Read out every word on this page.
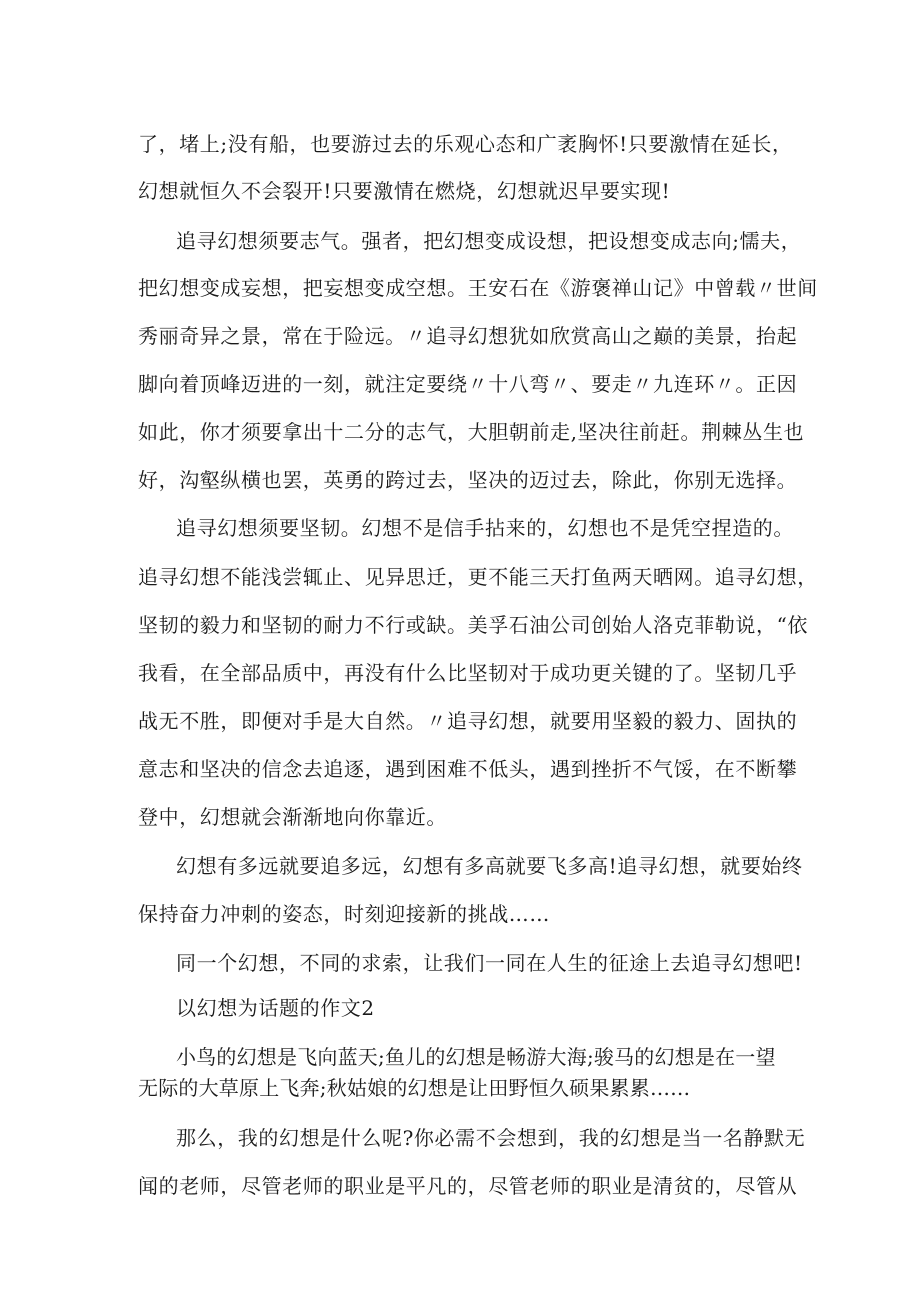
了，堵上;没有船，也要游过去的乐观心态和广袤胸怀!只要激情在延长，
幻想就恒久不会裂开!只要激情在燃烧，幻想就迟早要实现!
追寻幻想须要志气。强者，把幻想变成设想，把设想变成志向;懦夫，
把幻想变成妄想，把妄想变成空想。王安石在《游褒禅山记》中曾载〃世间
秀丽奇异之景，常在于险远。〃追寻幻想犹如欣赏高山之巅的美景，抬起
脚向着顶峰迈进的一刻，就注定要绕〃十八弯〃、要走〃九连环〃。正因
如此，你才须要拿出十二分的志气，大胆朝前走,坚决往前赶。荆棘丛生也
好，沟壑纵横也罢，英勇的跨过去，坚决的迈过去，除此，你别无选择。
追寻幻想须要坚韧。幻想不是信手拈来的，幻想也不是凭空捏造的。
追寻幻想不能浅尝辄止、见异思迁，更不能三天打鱼两天晒网。追寻幻想，
坚韧的毅力和坚韧的耐力不行或缺。美孚石油公司创始人洛克菲勒说，“依
我看，在全部品质中，再没有什么比坚韧对于成功更关键的了。坚韧几乎
战无不胜，即便对手是大自然。〃追寻幻想，就要用坚毅的毅力、固执的
意志和坚决的信念去追逐，遇到困难不低头，遇到挫折不气馁，在不断攀
登中，幻想就会渐渐地向你靠近。
幻想有多远就要追多远，幻想有多高就要飞多高!追寻幻想，就要始终
保持奋力冲刺的姿态，时刻迎接新的挑战……
同一个幻想，不同的求索，让我们一同在人生的征途上去追寻幻想吧!
以幻想为话题的作文2
小鸟的幻想是飞向蓝天;鱼儿的幻想是畅游大海;骏马的幻想是在一望
无际的大草原上飞奔;秋姑娘的幻想是让田野恒久硕果累累……
那么，我的幻想是什么呢?你必需不会想到，我的幻想是当一名静默无
闻的老师，尽管老师的职业是平凡的，尽管老师的职业是清贫的，尽管从
